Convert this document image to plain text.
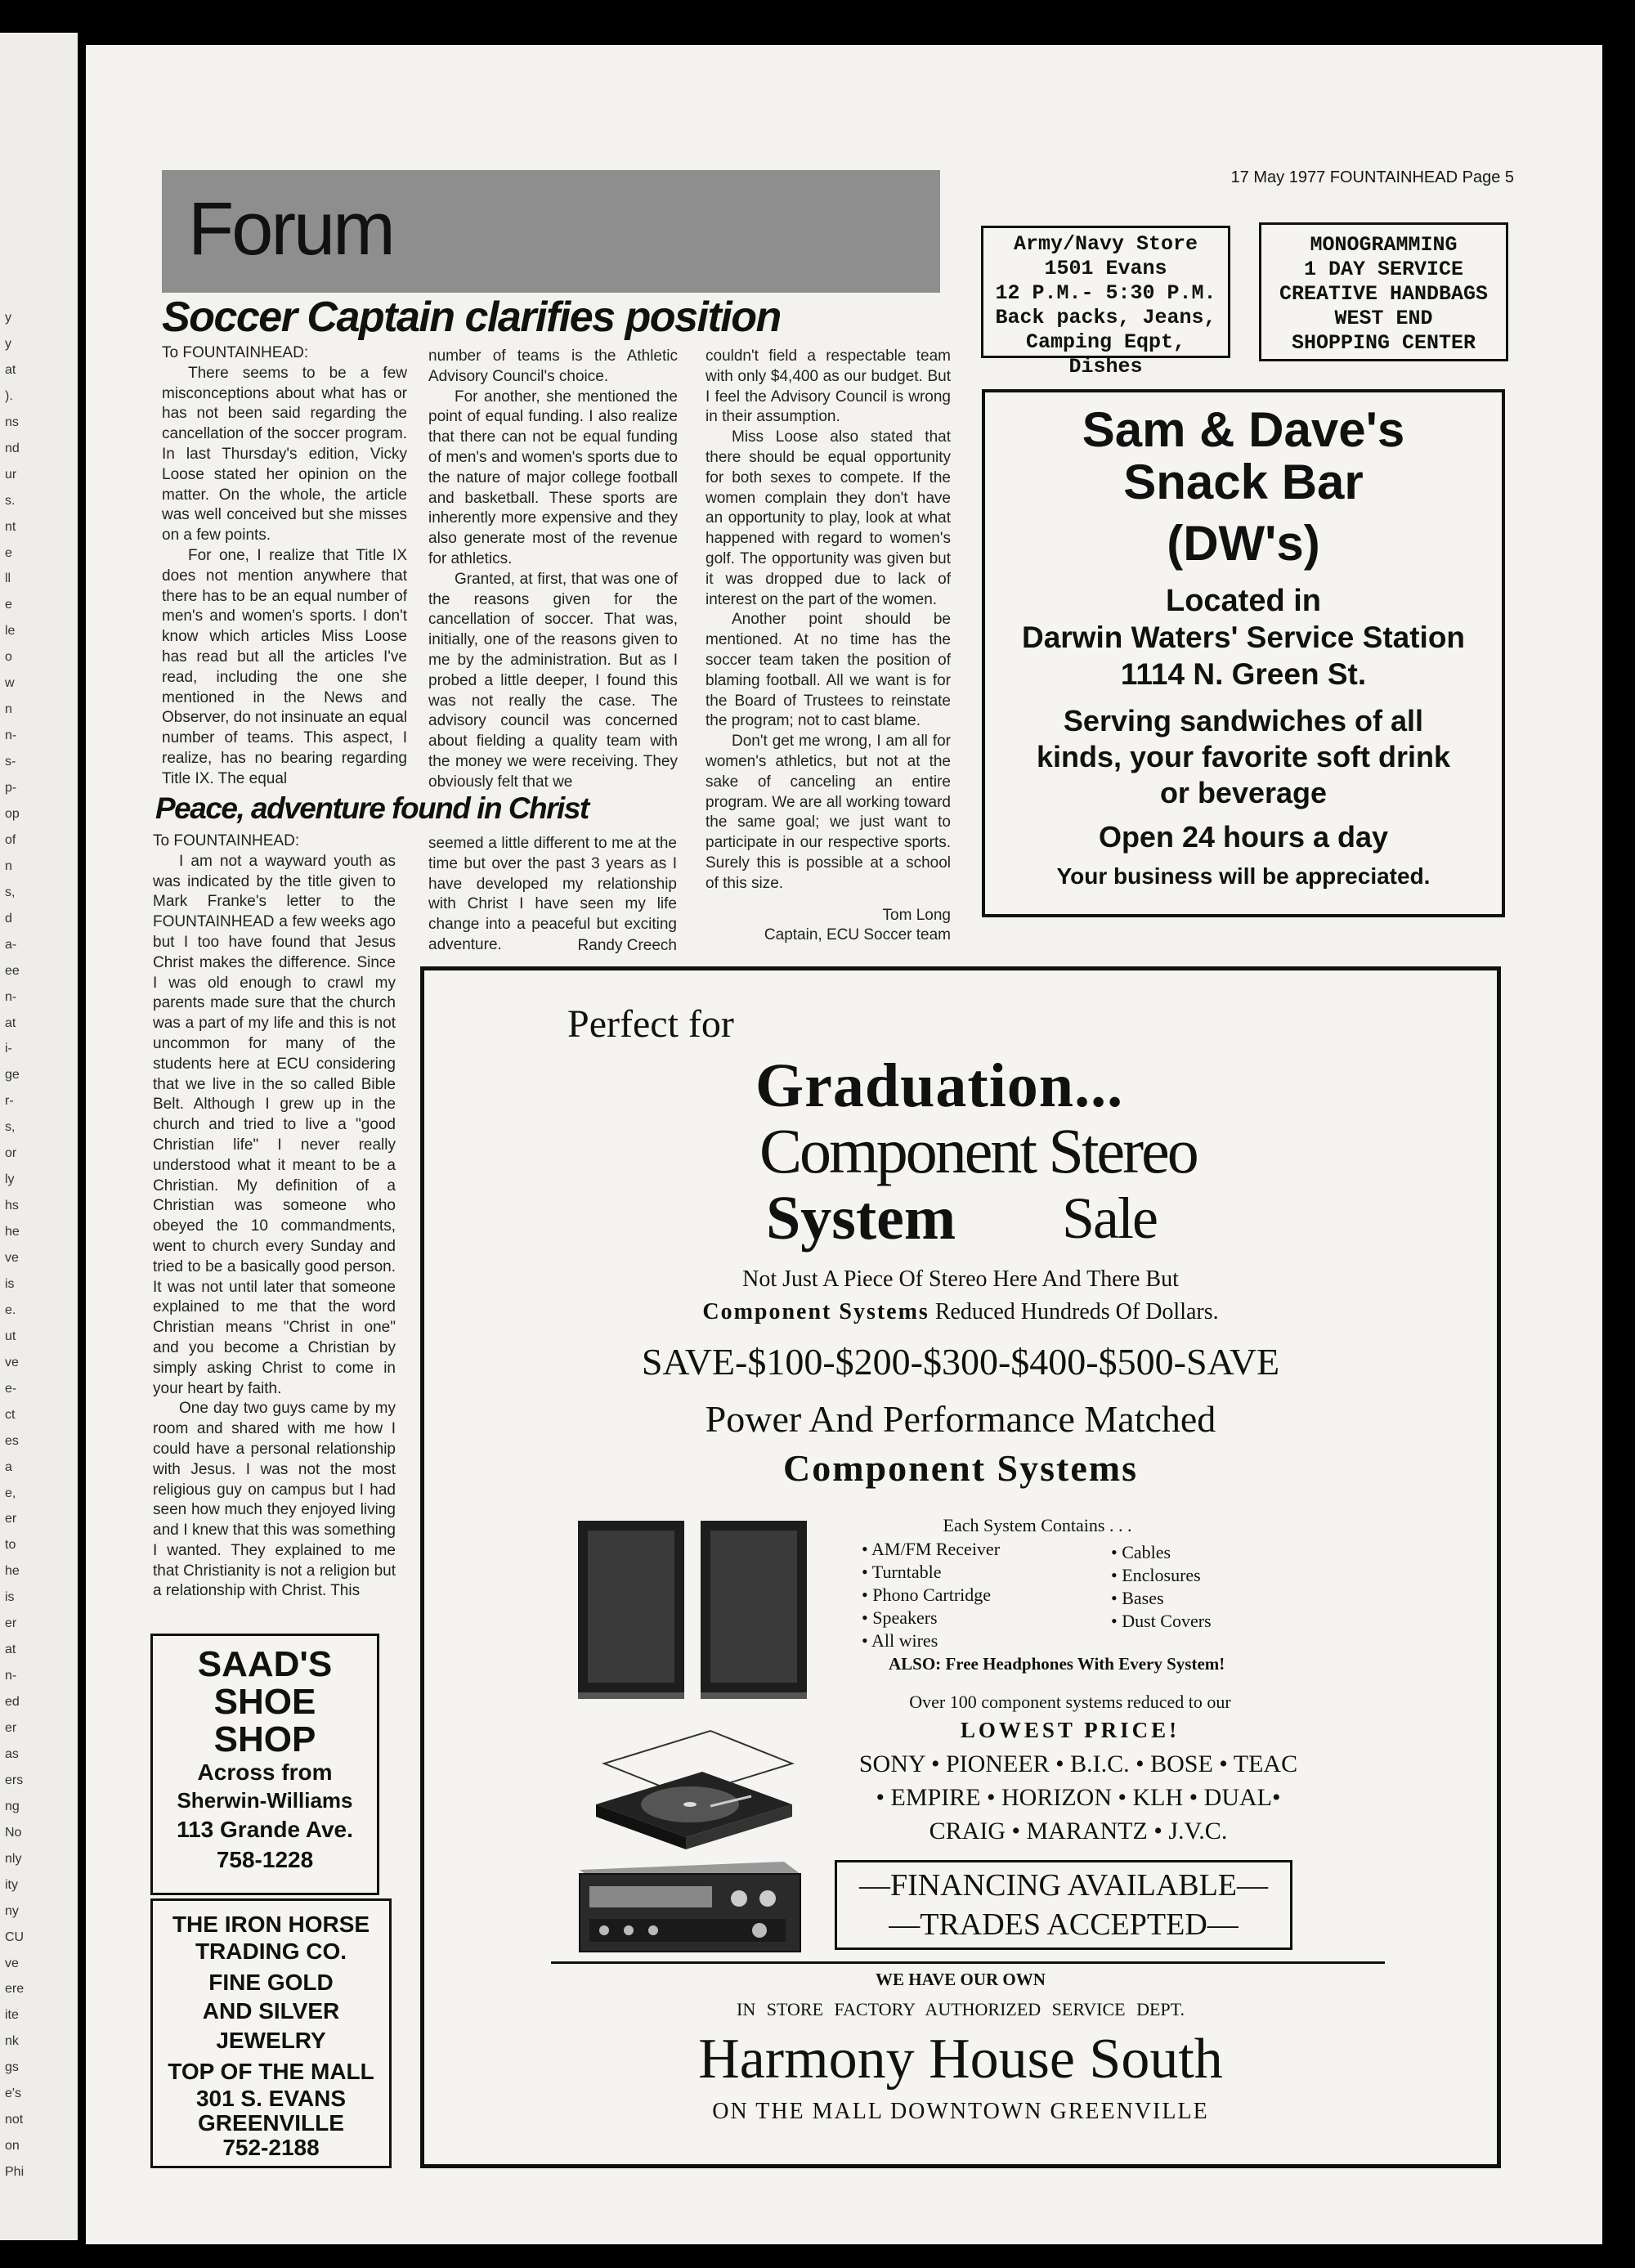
y
y
at
).
ns
nd
ur
s.
nt
e
ll
e
le
o
w
n
n-
s-
p-
op
of
n
s,
d
a-
ee
n-
at
i-
ge
r-
s,
or
ly
hs
he
ve
is
e.
ut
ve
e-
ct
es
a
e,
er
to
he
is
er
at
n-
ed
er
as
ers
ng
No
nly
ity
ny
CU
ve
ere
ite
nk
gs
e's
not
on
Phi
17 May 1977 FOUNTAINHEAD Page 5
Forum
Soccer Captain clarifies position

To FOUNTAINHEAD:

There seems to be a few misconceptions about what has or has not been said regarding the cancellation of the soccer program. In last Thursday's edition, Vicky Loose stated her opinion on the matter. On the whole, the article was well conceived but she misses on a few points.

For one, I realize that Title IX does not mention anywhere that there has to be an equal number of men's and women's sports. I don't know which articles Miss Loose has read but all the articles I've read, including the one she mentioned in the News and Observer, do not insinuate an equal number of teams. This aspect, I realize, has no bearing regarding Title IX. The equal

number of teams is the Athletic Advisory Council's choice.

For another, she mentioned the point of equal funding. I also realize that there can not be equal funding of men's and women's sports due to the nature of major college football and basketball. These sports are inherently more expensive and they also generate most of the revenue for athletics.

Granted, at first, that was one of the reasons given for the cancellation of soccer. That was, initially, one of the reasons given to me by the administration. But as I probed a little deeper, I found this was not really the case. The advisory council was concerned about fielding a quality team with the money we were receiving. They obviously felt that we

couldn't field a respectable team with only $4,400 as our budget. But I feel the Advisory Council is wrong in their assumption.

Miss Loose also stated that there should be equal opportunity for both sexes to compete. If the women complain they don't have an opportunity to play, look at what happened with regard to women's golf. The opportunity was given but it was dropped due to lack of interest on the part of the women.

Another point should be mentioned. At no time has the soccer team taken the position of blaming football. All we want is for the Board of Trustees to reinstate the program; not to cast blame.

Don't get me wrong, I am all for women's athletics, but not at the sake of canceling an entire program. We are all working toward the same goal; we just want to participate in our respective sports. Surely this is possible at a school of this size.

Tom Long

Captain, ECU Soccer team

Peace, adventure found in Christ

To FOUNTAINHEAD:

I am not a wayward youth as was indicated by the title given to Mark Franke's letter to the FOUNTAINHEAD a few weeks ago but I too have found that Jesus Christ makes the difference. Since I was old enough to crawl my parents made sure that the church was a part of my life and this is not uncommon for many of the students here at ECU considering that we live in the so called Bible Belt. Although I grew up in the church and tried to live a "good Christian life" I never really understood what it meant to be a Christian. My definition of a Christian was someone who obeyed the 10 commandments, went to church every Sunday and tried to be a basically good person. It was not until later that someone explained to me that the word Christian means "Christ in one" and you become a Christian by simply asking Christ to come in your heart by faith.

One day two guys came by my room and shared with me how I could have a personal relationship with Jesus. I was not the most religious guy on campus but I had seen how much they enjoyed living and I knew that this was something I wanted. They explained to me that Christianity is not a religion but a relationship with Christ. This

seemed a little different to me at the time but over the past 3 years as I have developed my relationship with Christ I have seen my life change into a peaceful but exciting adventure.	Randy Creech

Army/Navy Store
1501 Evans
12 P.M.- 5:30 P.M.
Back packs, Jeans,
Camping Eqpt, Dishes
MONOGRAMMING
1 DAY SERVICE
CREATIVE HANDBAGS
WEST END
SHOPPING CENTER
Sam & Dave's
Snack Bar
(DW's)
Located in
Darwin Waters' Service Station
1114 N. Green St.
Serving sandwiches of all
kinds, your favorite soft drink
or beverage
Open 24 hours a day
Your business will be appreciated.
SAAD'S
SHOE
SHOP
Across from
Sherwin-Williams
113 Grande Ave.
758-1228
THE IRON HORSE
TRADING CO.
FINE GOLD
AND SILVER
JEWELRY
TOP OF THE MALL
301 S. EVANS
GREENVILLE
752-2188
Perfect for
Graduation...
Component Stereo
System Sale
Not Just A Piece Of Stereo Here And There But
Component Systems Reduced Hundreds Of Dollars.
SAVE-$100-$200-$300-$400-$500-SAVE
Power And Performance Matched
Component Systems
Each System Contains . . .
• AM/FM Receiver
• Turntable
• Phono Cartridge
• Speakers
• All wires
• Cables
• Enclosures
• Bases
• Dust Covers
ALSO: Free Headphones With Every System!
Over 100 component systems reduced to our
LOWEST PRICE!
SONY • PIONEER • B.I.C. • BOSE • TEAC
• EMPIRE • HORIZON • KLH • DUAL•
CRAIG • MARANTZ • J.V.C.
—FINANCING AVAILABLE—
—TRADES ACCEPTED—
WE HAVE OUR OWN
IN STORE FACTORY AUTHORIZED SERVICE DEPT.
Harmony House South
ON THE MALL DOWNTOWN GREENVILLE
